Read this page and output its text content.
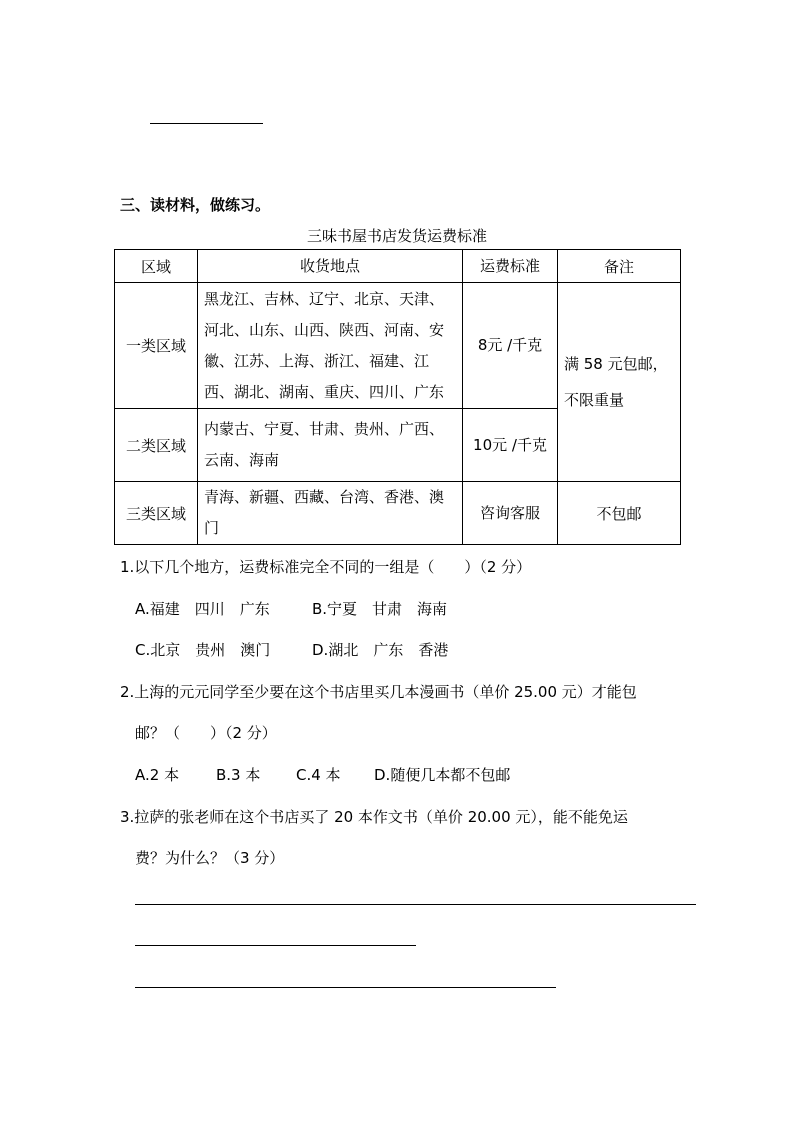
三、读材料，做练习。
三味书屋书店发货运费标准
区域	收货地点	运费标准	备注
一类区域	黑龙江、吉林、辽宁、北京、天津、河北、山东、山西、陕西、河南、安徽、江苏、上海、浙江、福建、江西、湖北、湖南、重庆、四川、广东	8元 /千克	满 58 元包邮，不限重量
二类区域	内蒙古、宁夏、甘肃、贵州、广西、云南、海南	10元 /千克	
三类区域	青海、新疆、西藏、台湾、香港、澳门	咨询客服	不包邮
1.以下几个地方，运费标准完全不同的一组是（　　）（2 分）
A.福建　四川　广东	B.宁夏　甘肃　海南
C.北京　贵州　澳门	D.湖北　广东　香港
2.上海的元元同学至少要在这个书店里买几本漫画书（单价 25.00 元）才能包
邮？（　　）（2 分）
A.2 本 B.3 本 C.4 本 D.随便几本都不包邮
3.拉萨的张老师在这个书店买了 20 本作文书（单价 20.00 元），能不能免运
费？为什么？（3 分）
